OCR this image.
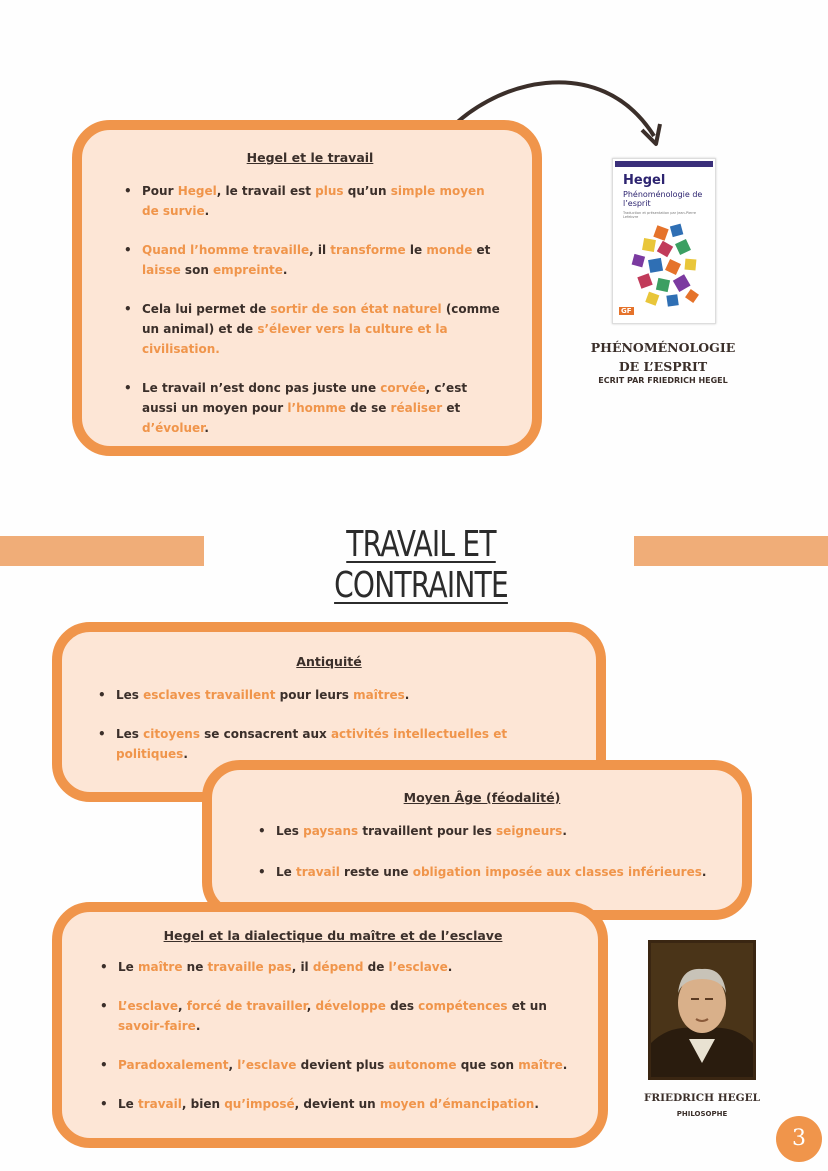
Hegel et le travail
• Pour Hegel, le travail est plus qu’un simple moyen de survie.
• Quand l’homme travaille, il transforme le monde et laisse son empreinte.
• Cela lui permet de sortir de son état naturel (comme un animal) et de s’élever vers la culture et la civilisation.
• Le travail n’est donc pas juste une corvée, c’est aussi un moyen pour l’homme de se réaliser et d’évoluer.
Hegel
Phénoménologie de l’esprit
Traduction et présentation par Jean-Pierre Lefebvre
GF
PHÉNOMÉNOLOGIE DE L’ESPRIT
ECRIT PAR FRIEDRICH HEGEL
TRAVAIL ET CONTRAINTE
Antiquité
• Les esclaves travaillent pour leurs maîtres.
• Les citoyens se consacrent aux activités intellectuelles et politiques.
Moyen Âge (féodalité)
• Les paysans travaillent pour les seigneurs.
• Le travail reste une obligation imposée aux classes inférieures.
Hegel et la dialectique du maître et de l’esclave
• Le maître ne travaille pas, il dépend de l’esclave.
• L’esclave, forcé de travailler, développe des compétences et un savoir-faire.
• Paradoxalement, l’esclave devient plus autonome que son maître.
• Le travail, bien qu’imposé, devient un moyen d’émancipation.	FRIEDRICH HEGEL
PHILOSOPHE
3
